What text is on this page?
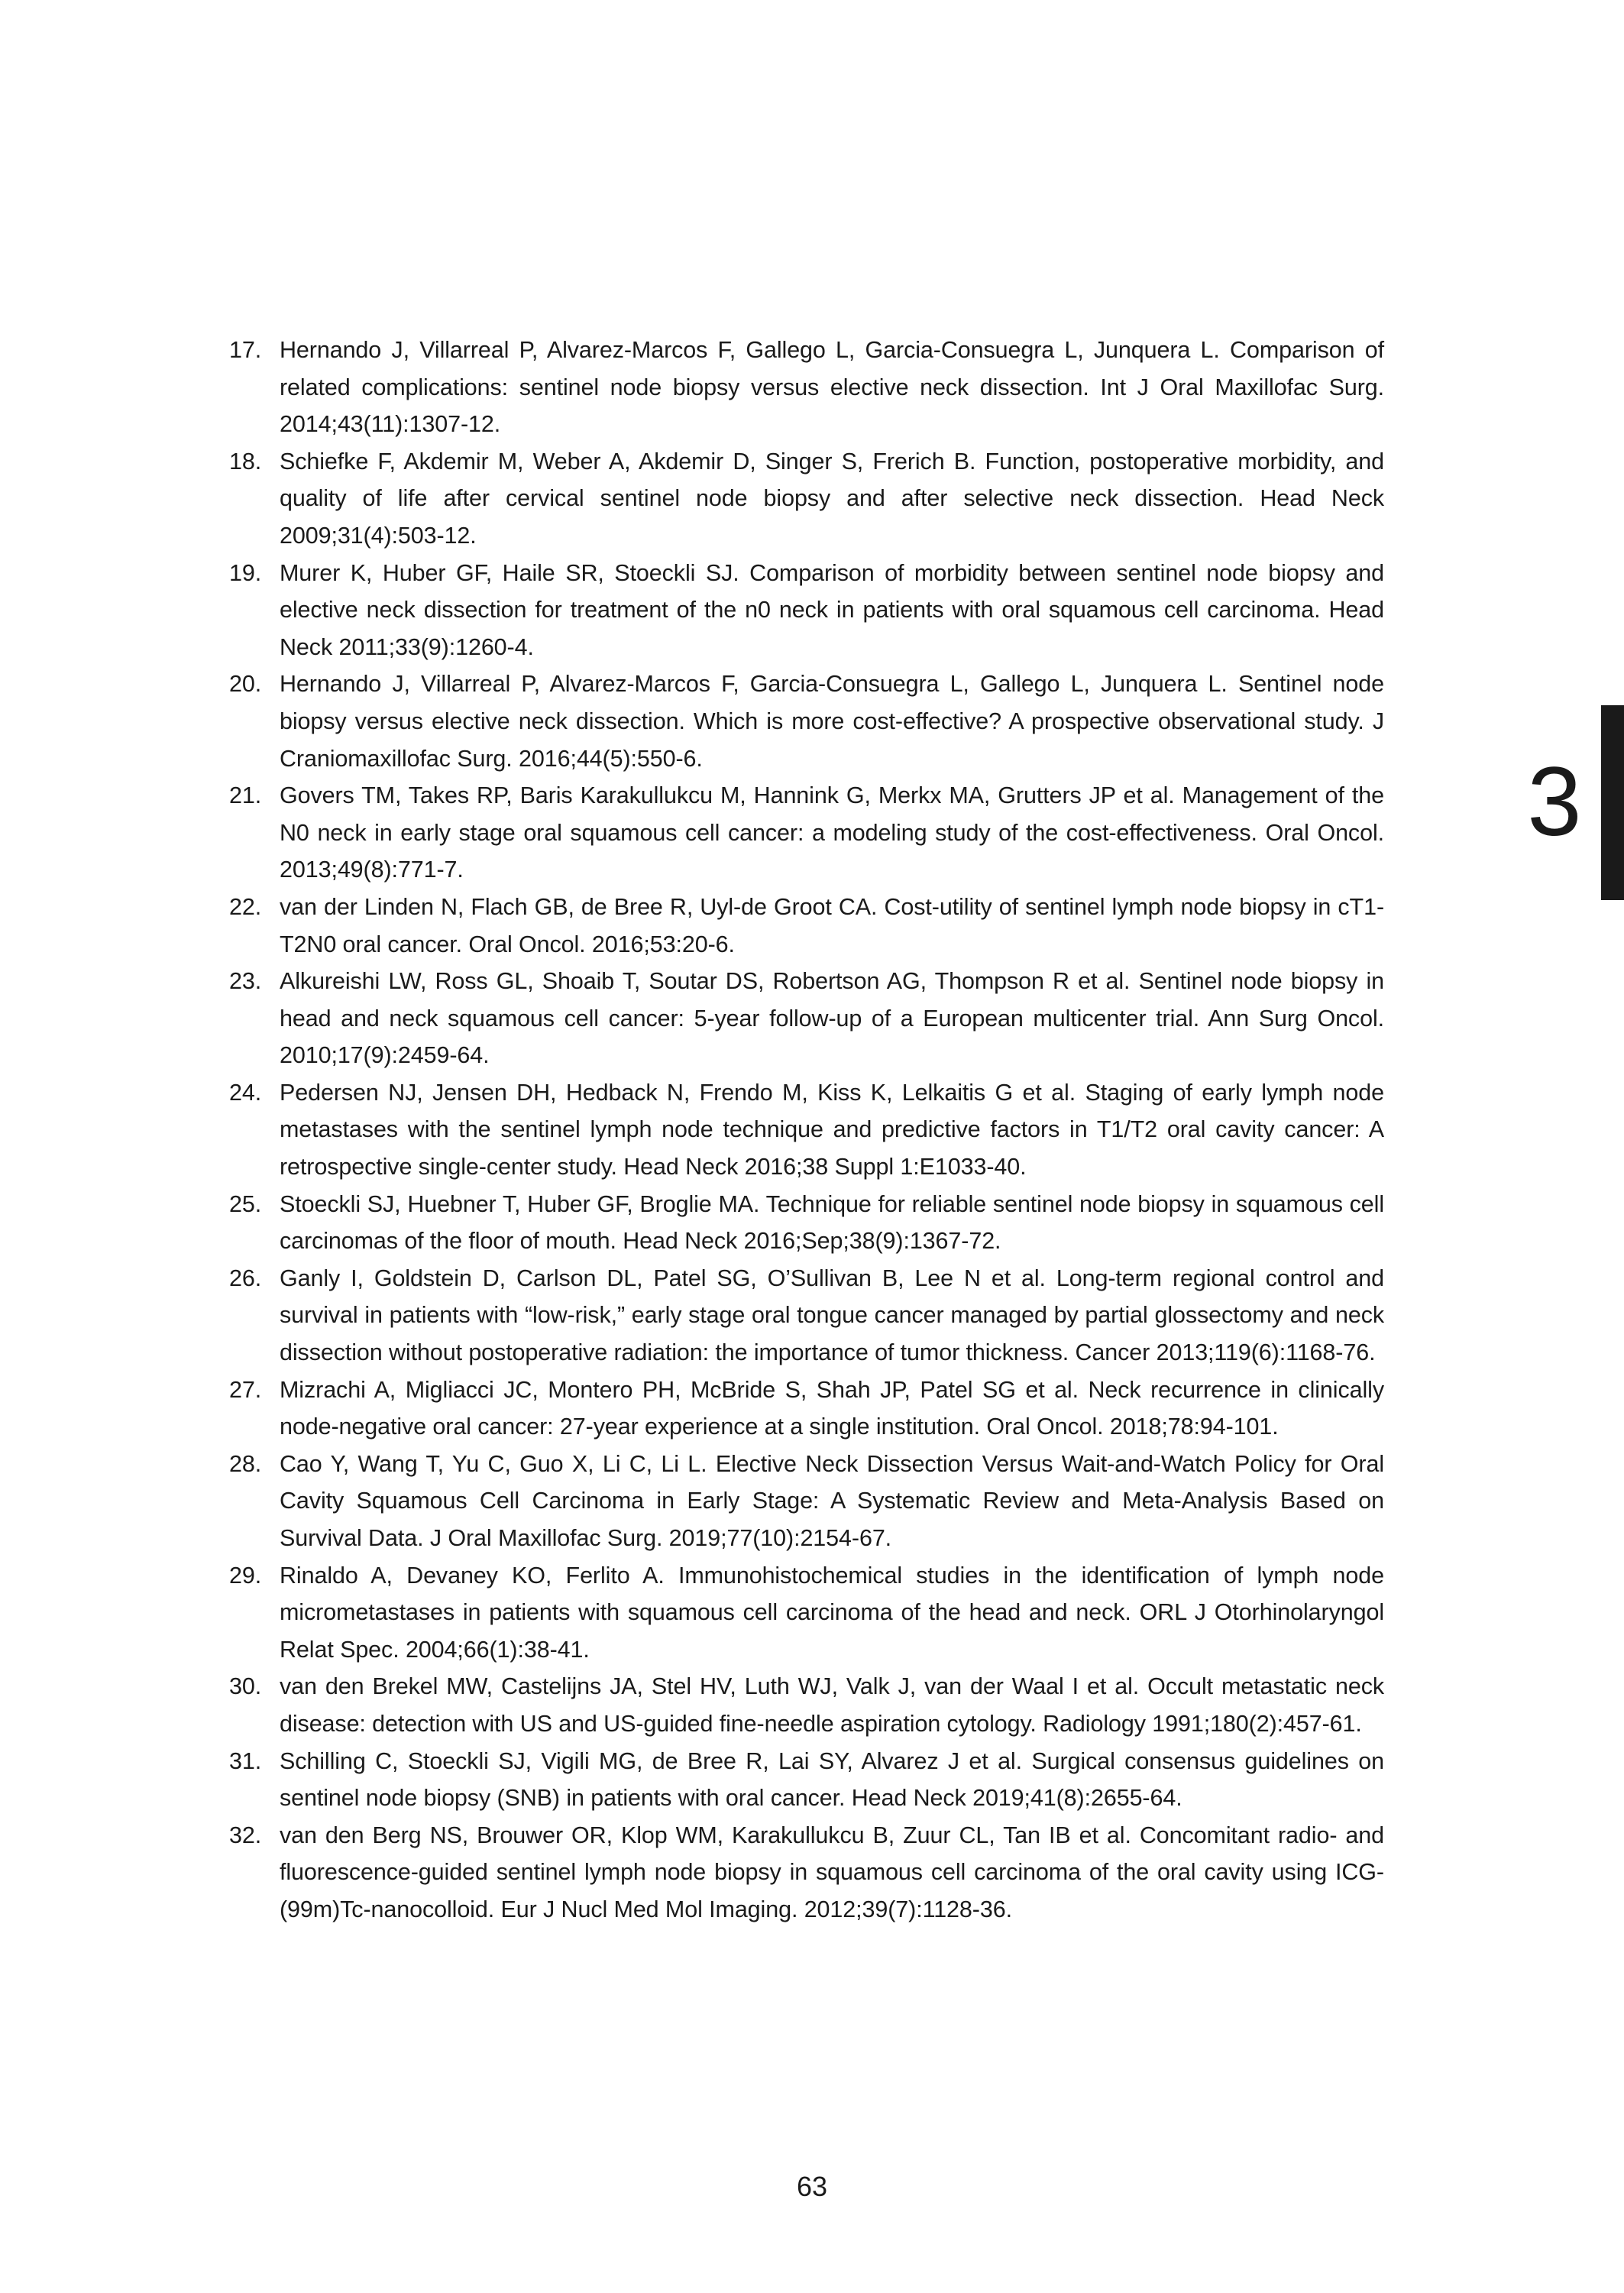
17. Hernando J, Villarreal P, Alvarez-Marcos F, Gallego L, Garcia-Consuegra L, Junquera L. Comparison of related complications: sentinel node biopsy versus elective neck dissection. Int J Oral Maxillofac Surg. 2014;43(11):1307-12.
18. Schiefke F, Akdemir M, Weber A, Akdemir D, Singer S, Frerich B. Function, postoperative morbidity, and quality of life after cervical sentinel node biopsy and after selective neck dissection. Head Neck 2009;31(4):503-12.
19. Murer K, Huber GF, Haile SR, Stoeckli SJ. Comparison of morbidity between sentinel node biopsy and elective neck dissection for treatment of the n0 neck in patients with oral squamous cell carcinoma. Head Neck 2011;33(9):1260-4.
20. Hernando J, Villarreal P, Alvarez-Marcos F, Garcia-Consuegra L, Gallego L, Junquera L. Sentinel node biopsy versus elective neck dissection. Which is more cost-effective? A prospective observational study. J Craniomaxillofac Surg. 2016;44(5):550-6.
21. Govers TM, Takes RP, Baris Karakullukcu M, Hannink G, Merkx MA, Grutters JP et al. Management of the N0 neck in early stage oral squamous cell cancer: a modeling study of the cost-effectiveness. Oral Oncol. 2013;49(8):771-7.
22. van der Linden N, Flach GB, de Bree R, Uyl-de Groot CA. Cost-utility of sentinel lymph node biopsy in cT1-T2N0 oral cancer. Oral Oncol. 2016;53:20-6.
23. Alkureishi LW, Ross GL, Shoaib T, Soutar DS, Robertson AG, Thompson R et al. Sentinel node biopsy in head and neck squamous cell cancer: 5-year follow-up of a European multicenter trial. Ann Surg Oncol. 2010;17(9):2459-64.
24. Pedersen NJ, Jensen DH, Hedback N, Frendo M, Kiss K, Lelkaitis G et al. Staging of early lymph node metastases with the sentinel lymph node technique and predictive factors in T1/T2 oral cavity cancer: A retrospective single-center study. Head Neck 2016;38 Suppl 1:E1033-40.
25. Stoeckli SJ, Huebner T, Huber GF, Broglie MA. Technique for reliable sentinel node biopsy in squamous cell carcinomas of the floor of mouth. Head Neck 2016;Sep;38(9):1367-72.
26. Ganly I, Goldstein D, Carlson DL, Patel SG, O’Sullivan B, Lee N et al. Long-term regional control and survival in patients with “low-risk,” early stage oral tongue cancer managed by partial glossectomy and neck dissection without postoperative radiation: the importance of tumor thickness. Cancer 2013;119(6):1168-76.
27. Mizrachi A, Migliacci JC, Montero PH, McBride S, Shah JP, Patel SG et al. Neck recurrence in clinically node-negative oral cancer: 27-year experience at a single institution. Oral Oncol. 2018;78:94-101.
28. Cao Y, Wang T, Yu C, Guo X, Li C, Li L. Elective Neck Dissection Versus Wait-and-Watch Policy for Oral Cavity Squamous Cell Carcinoma in Early Stage: A Systematic Review and Meta-Analysis Based on Survival Data. J Oral Maxillofac Surg. 2019;77(10):2154-67.
29. Rinaldo A, Devaney KO, Ferlito A. Immunohistochemical studies in the identification of lymph node micrometastases in patients with squamous cell carcinoma of the head and neck. ORL J Otorhinolaryngol Relat Spec. 2004;66(1):38-41.
30. van den Brekel MW, Castelijns JA, Stel HV, Luth WJ, Valk J, van der Waal I et al. Occult metastatic neck disease: detection with US and US-guided fine-needle aspiration cytology. Radiology 1991;180(2):457-61.
31. Schilling C, Stoeckli SJ, Vigili MG, de Bree R, Lai SY, Alvarez J et al. Surgical consensus guidelines on sentinel node biopsy (SNB) in patients with oral cancer. Head Neck 2019;41(8):2655-64.
32. van den Berg NS, Brouwer OR, Klop WM, Karakullukcu B, Zuur CL, Tan IB et al. Concomitant radio- and fluorescence-guided sentinel lymph node biopsy in squamous cell carcinoma of the oral cavity using ICG-(99m)Tc-nanocolloid. Eur J Nucl Med Mol Imaging. 2012;39(7):1128-36.
3
63
